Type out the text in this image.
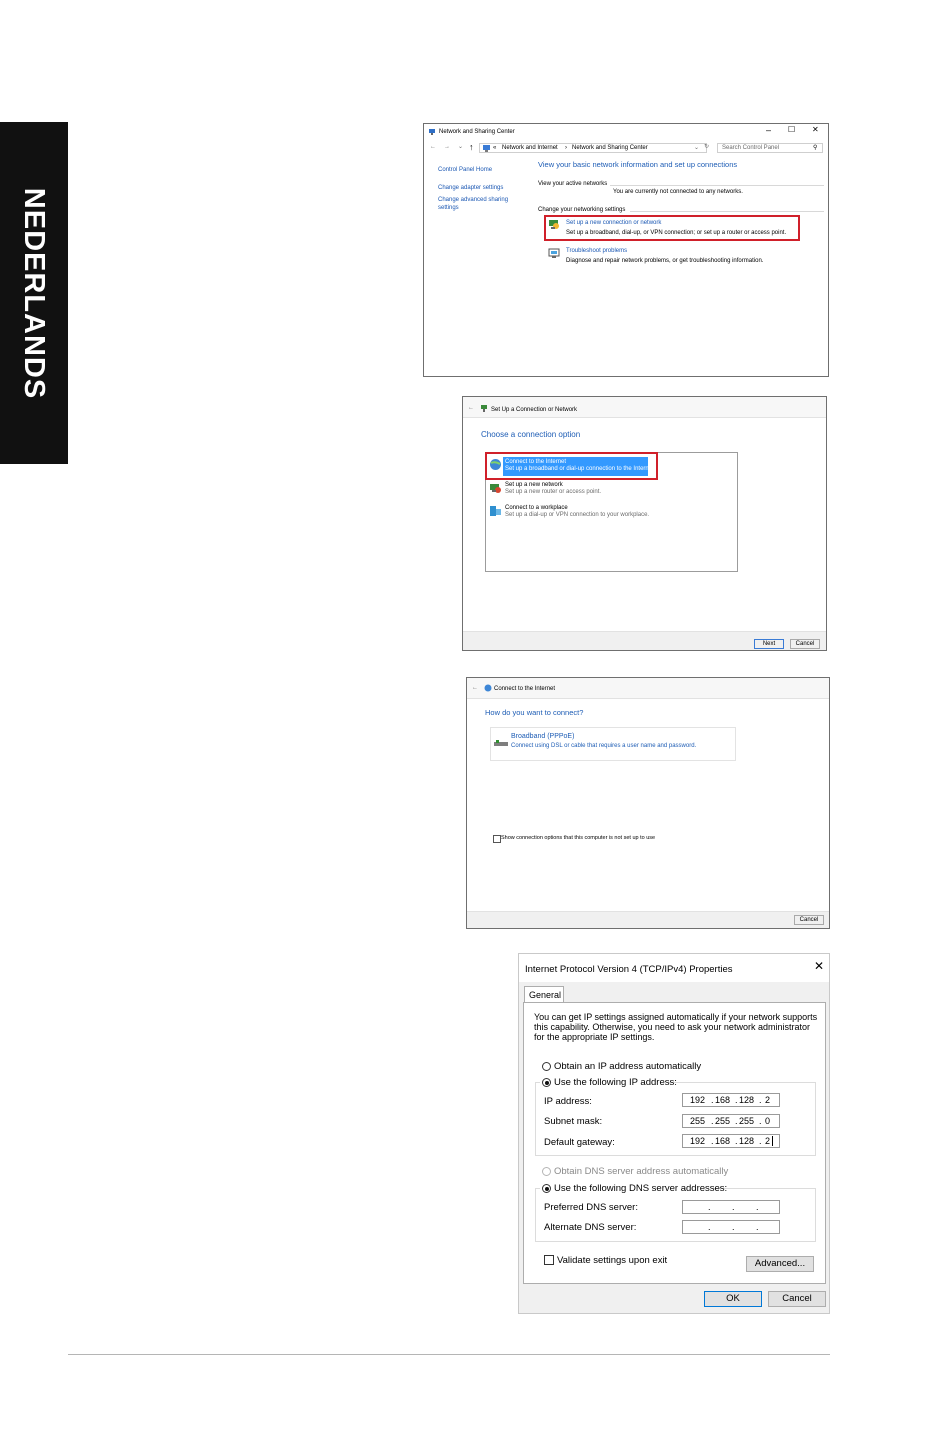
NEDERLANDS
Network and Sharing Center	– ☐ ✕
← → ⌄ ↑	« Network and Internet › Network and Sharing Center	⌄ ↻ Search Control Panel	⚲
Control Panel Home
Change adapter settings
Change advanced sharing
settings
View your basic network information and set up connections
View your active networks
You are currently not connected to any networks.
Change your networking settings
Set up a new connection or network
Set up a broadband, dial-up, or VPN connection; or set up a router or access point.
Troubleshoot problems
Diagnose and repair network problems, or get troubleshooting information.
←	Set Up a Connection or Network
Choose a connection option
Connect to the Internet
Set up a broadband or dial-up connection to the Internet.
Set up a new network
Set up a new router or access point.
Connect to a workplace
Set up a dial-up or VPN connection to your workplace.
Next	Cancel
←	Connect to the Internet
How do you want to connect?
Broadband (PPPoE)
Connect using DSL or cable that requires a user name and password.
Show connection options that this computer is not set up to use
Cancel
Internet Protocol Version 4 (TCP/IPv4) Properties	✕
General
You can get IP settings assigned automatically if your network supports
this capability. Otherwise, you need to ask your network administrator
for the appropriate IP settings.
Obtain an IP address automatically
Use the following IP address:
IP address:	192 . 168 . 128 . 2
Subnet mask:	255 . 255 . 255 . 0
Default gateway:	192 . 168 . 128 . 2
Obtain DNS server address automatically
Use the following DNS server addresses:
Preferred DNS server:	. . .
Alternate DNS server:	. . .
Validate settings upon exit	Advanced...
OK	Cancel
